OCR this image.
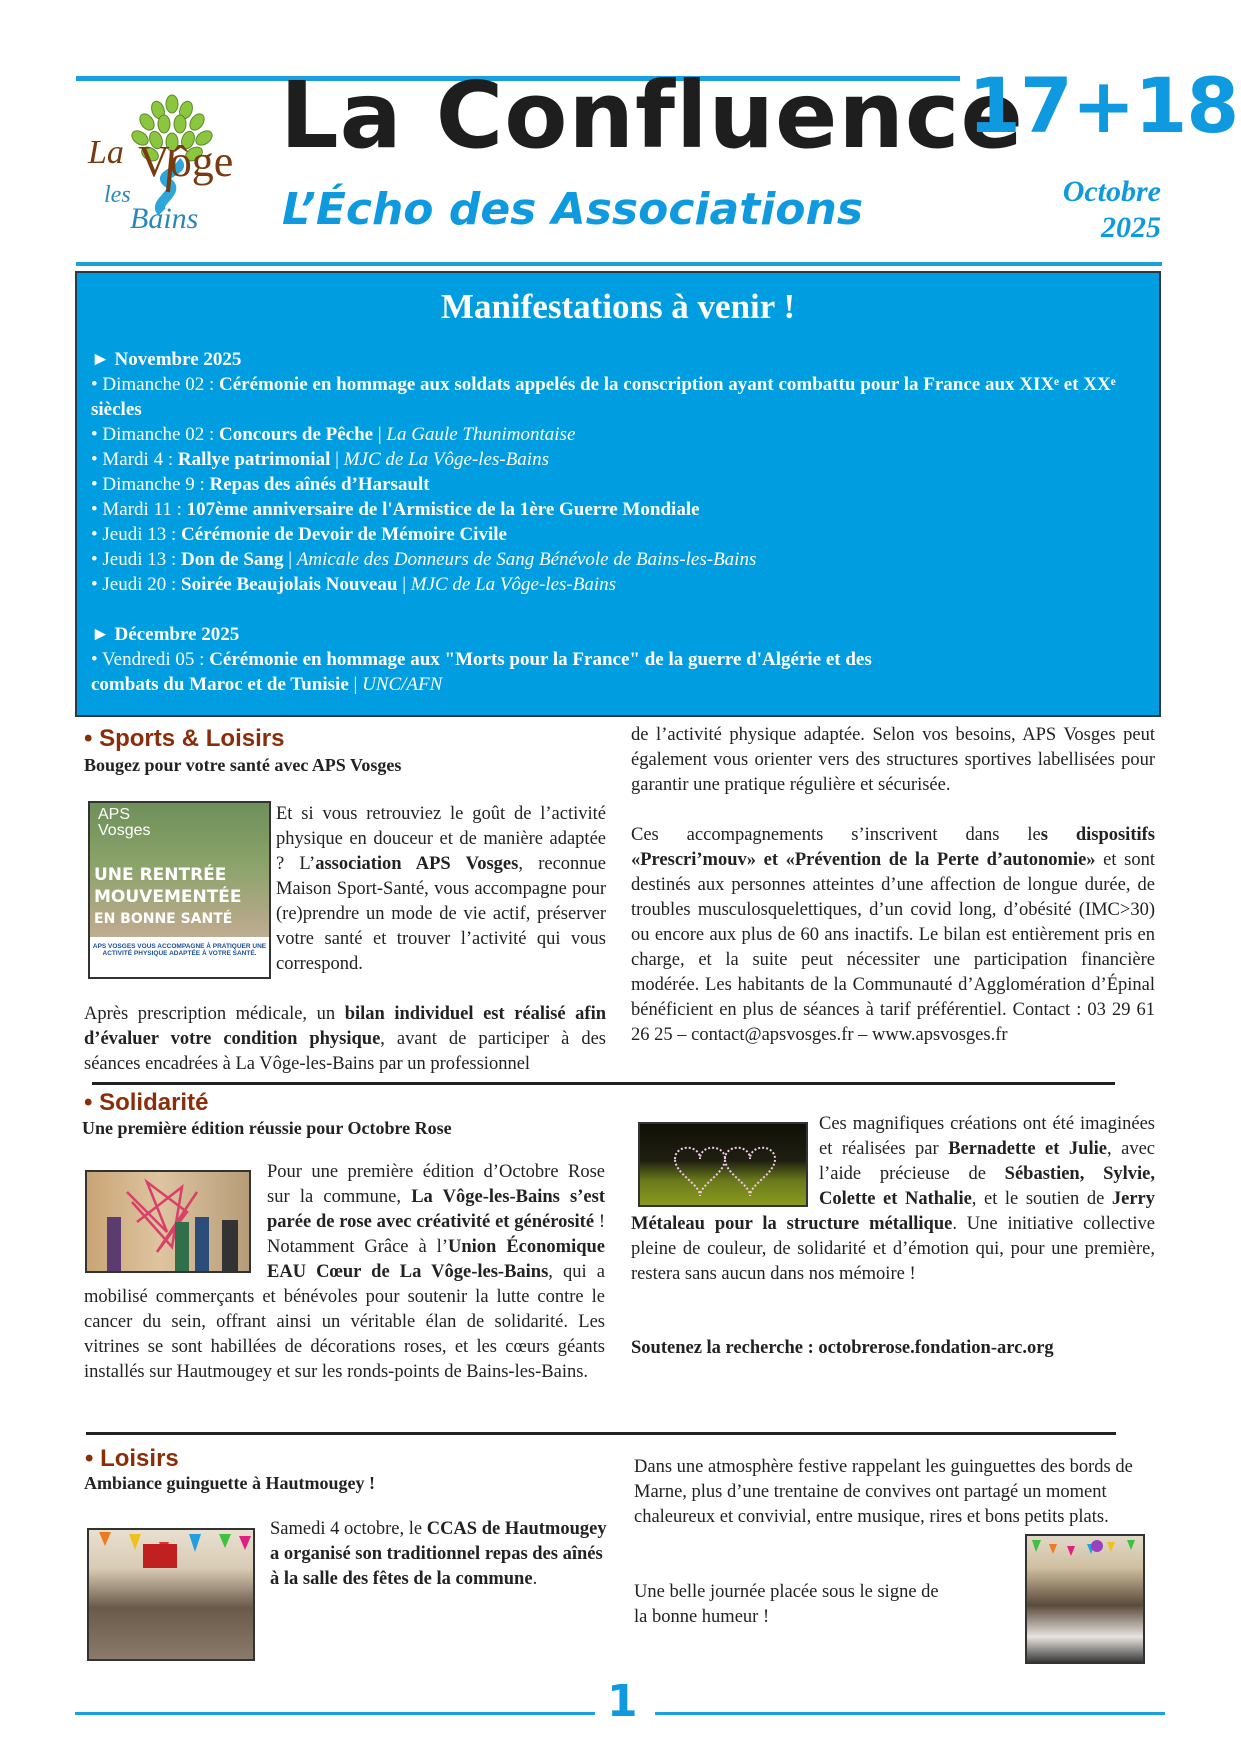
La Vôge
les
Bains
La Confluence
L’Écho des Associations
17+18
Octobre
2025
Manifestations à venir !
► Novembre 2025
• Dimanche 02 : Cérémonie en hommage aux soldats appelés de la conscription ayant combattu pour la France aux XIXᵉ et XXᵉ siècles
• Dimanche 02 : Concours de Pêche | La Gaule Thunimontaise
• Mardi 4 : Rallye patrimonial | MJC de La Vôge-les-Bains
• Dimanche 9 : Repas des aînés d’Harsault
• Mardi 11 : 107ème anniversaire de l'Armistice de la 1ère Guerre Mondiale
• Jeudi 13 : Cérémonie de Devoir de Mémoire Civile
• Jeudi 13 : Don de Sang | Amicale des Donneurs de Sang Bénévole de Bains-les-Bains
• Jeudi 20 : Soirée Beaujolais Nouveau | MJC de La Vôge-les-Bains
► Décembre 2025
• Vendredi 05 : Cérémonie en hommage aux "Morts pour la France" de la guerre d'Algérie et des combats du Maroc et de Tunisie | UNC/AFN
• Sports & Loisirs
Bougez pour votre santé avec APS Vosges
APS Vosges
UNE RENTRÉE
MOUVEMENTÉE
EN BONNE SANTÉ
APS VOSGES VOUS ACCOMPAGNE À PRATIQUER UNE ACTIVITÉ PHYSIQUE ADAPTÉE À VOTRE SANTÉ.
Et si vous retrouviez le goût de l’activité physique en douceur et de manière adaptée ? L’association APS Vosges, reconnue Maison Sport-Santé, vous accompagne pour (re)prendre un mode de vie actif, préserver votre santé et trouver l’activité qui vous correspond.
Après prescription médicale, un bilan individuel est réalisé afin d’évaluer votre condition physique, avant de participer à des séances encadrées à La Vôge-les-Bains par un professionnel
de l’activité physique adaptée. Selon vos besoins, APS Vosges peut également vous orienter vers des structures sportives labellisées pour garantir une pratique régulière et sécurisée.
Ces accompagnements s’inscrivent dans les dispositifs «Prescri’mouv» et «Prévention de la Perte d’autonomie» et sont destinés aux personnes atteintes d’une affection de longue durée, de troubles musculosquelettiques, d’un covid long, d’obésité (IMC>30) ou encore aux plus de 60 ans inactifs. Le bilan est entièrement pris en charge, et la suite peut nécessiter une participation financière modérée. Les habitants de la Communauté d’Agglomération d’Épinal bénéficient en plus de séances à tarif préférentiel. Contact : 03 29 61 26 25 – contact@apsvosges.fr – www.apsvosges.fr
• Solidarité
Une première édition réussie pour Octobre Rose
Pour une première édition d’Octobre Rose sur la commune, La Vôge-les-Bains s’est parée de rose avec créativité et générosité ! Notamment Grâce à l’Union Économique EAU Cœur de La Vôge-les-Bains, qui a mobilisé commerçants et bénévoles pour soutenir la lutte contre le cancer du sein, offrant ainsi un véritable élan de solidarité. Les vitrines se sont habillées de décorations roses, et les cœurs géants installés sur Hautmougey et sur les ronds-points de Bains-les-Bains.
Ces magnifiques créations ont été imaginées et réalisées par Bernadette et Julie, avec l’aide précieuse de Sébastien, Sylvie, Colette et Nathalie, et le soutien de Jerry Métaleau pour la structure métallique. Une initiative collective pleine de couleur, de solidarité et d’émotion qui, pour une première, restera sans aucun dans nos mémoire !
Soutenez la recherche : octobrerose.fondation-arc.org
• Loisirs
Ambiance guinguette à Hautmougey !
Samedi 4 octobre, le CCAS de Hautmougey a organisé son traditionnel repas des aînés à la salle des fêtes de la commune.
Dans une atmosphère festive rappelant les guinguettes des bords de Marne, plus d’une trentaine de convives ont partagé un moment chaleureux et convivial, entre musique, rires et bons petits plats.
Une belle journée placée sous le signe de la bonne humeur !
1
